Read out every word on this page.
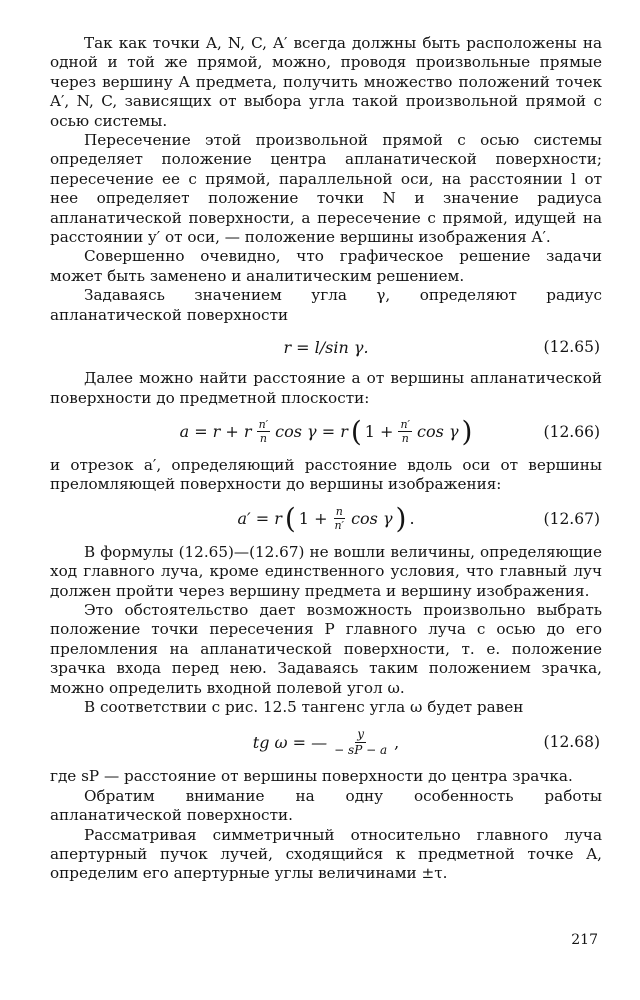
Так как точки A, N, C, A′ всегда должны быть расположены на одной и той же прямой, можно, проводя произвольные прямые через вершину A предмета, получить множество положений точек A′, N, C, зависящих от выбора угла такой произвольной прямой с осью системы.

Пересечение этой произвольной прямой с осью системы определяет положение центра апланатической поверхности; пересечение ее с прямой, параллельной оси, на расстоянии l от нее определяет положение точки N и значение радиуса апланатической поверхности, а пересечение с прямой, идущей на расстоянии y′ от оси, — положение вершины изображения A′.

Совершенно очевидно, что графическое решение задачи может быть заменено и аналитическим решением.

Задаваясь значением угла γ, определяют радиус апланатической поверхности

r = l/sin γ.	(12.65)

Далее можно найти расстояние a от вершины апланатической поверхности до предметной плоскости:

a = r + r $\frac{n'}{n}$ cos γ = r ( $1 + \frac{n'}{n}$ cos γ )	(12.66)

и отрезок a′, определяющий расстояние вдоль оси от вершины преломляющей поверхности до вершины изображения:

a′ = r ( $1 + \frac{n}{n'}$ cos γ ) .	(12.67)

В формулы (12.65)—(12.67) не вошли величины, определяющие ход главного луча, кроме единственного условия, что главный луч должен пройти через вершину предмета и вершину изображения.

Это обстоятельство дает возможность произвольно выбрать положение точки пересечения P главного луча с осью до его преломления на апланатической поверхности, т. е. положение зрачка входа перед нею. Задаваясь таким положением зрачка, можно определить входной полевой угол ω.

В соответствии с рис. 12.5 тангенс угла ω будет равен

tg ω = — $\frac{y}{- sP - a}$ ,	(12.68)

где sP — расстояние от вершины поверхности до центра зрачка.

Обратим внимание на одну особенность работы апланатической поверхности.

Рассматривая симметричный относительно главного луча апертурный пучок лучей, сходящийся к предметной точке A, определим его апертурные углы величинами ±τ.

217
